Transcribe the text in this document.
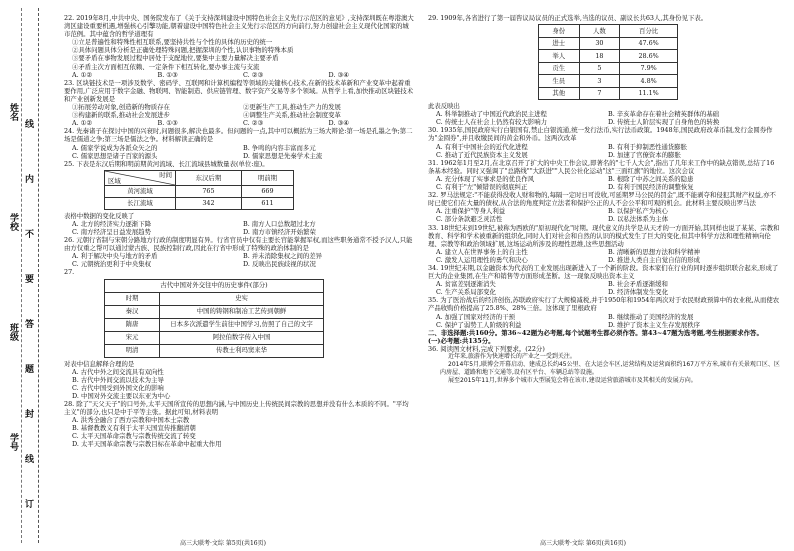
姓名
学校
班级
学号
线
内
不
要
答
题
封
线
订

22. 2019年8月,中共中央、国务院发布了《关于支持深圳建设中国特色社会主义先行示范区的意见》,支持深圳既在粤港澳大湾区建设重要机遇,增强核心引擎功能,朝着建设中国特色社会主义先行示范区的方向前行,努力创建社会主义现代化国家的城市范例。其中蕴含的哲学道理有

①立足普遍性和特殊性相互联系,要坚持共性与个性的具体的历史的统一
②具体问题具体分析是正确处理特殊问题,把握深圳的个性,认识事物的特殊本质
③要矛盾在事物发展过程中居处于支配地位,要集中主要力量解决主要矛盾
④矛盾主次方面相互依赖、一定条件下相互转化,要办事主流与支流
A. ①②	B. ①③	C. ②③	D. ③④

23. 区块链技术是一项涉及数学、密码学、互联网和计算机编程等领域的关键核心技术,在新的技术革新和产业变革中起着重要作用,广泛应用于数字金融、物联网、智能制造、供应链管理、数字资产交易等多个领域。从哲学上看,加快推动区块链技术和产业创新发展是

①拓展劳动对象,创造新的物质存在	②更新生产工具,推动生产力的发展
③构建新的联系,推动社会发展进步	④调整生产关系,推动社会制度变革
A. ①②	B. ①③	C. ②③	D. ③④

24. 先秦诸子在探讨中国的兴衰时,问题很多,解决也最多。但问题的一点,其中可以概括为三场大辩论:第一场是孔墨之争;第二场是儒道之争;第三场是儒法之争。材料解读正确的是

A. 儒家学说成为各派众矢之的	B. 争鸣的内容丰富而多元
C. 儒家思想是诸子百家的源头	D. 儒家思想是先秦学术主流

25. 下表是东汉后期和明前期黄河流域、长江流域县城数量表(单位:座)。

时间
区域	东汉后期	明前期
黄河流域	765	669
长江流域	342	611

表格中数据的变化反映了

A. 北方的经济实力逐渐下降	B. 南方人口总数超过北方
C. 南方经济呈日益发展趋势	D. 南方市镇经济开始繁荣

26. 元朝行省制与宋朝分路地方行政的制度明显有异。行省官员中仅有主要长官能掌握军权,而这些职务通常不授予汉人,只能由方仅重之帮可以通过蒙古族、民族控制行政,因此在行省中形成了特殊的政治体制的是

A. 利于解决中央与地方的矛盾	B. 并未消除集权之间的差异
C. 元朝统治更利于中央集权	D. 反映出民族歧视的状况

27.

古代中国对外交往中的历史事件(部分)	
时期	史实
秦汉	中国的铸钢和制冶工艺传到朝鲜
隋唐	日本多次派遣学生前往中国学习,仿照了自己的文字
宋元	阿拉伯数字传入中国
明清	传教士利玛窦来华

对表中信息解释合理的是

A. 古代中外之间交流具有双向性
B. 古代中外间交流以技术为主导
C. 古代中国受到外国文化的影响
D. 中国对外交流主要以东亚为中心

28. 除了"天父天子"的口号外,太平天国所宣传的思想内涵,与中国历史上传统民间宗教的思想并没有什么本质的不同。"平均主义"的部分,也只是中于平等主张。据此可知,材料表明

A. 洪秀全融合了西方宗教和中国本土宗教
B. 基督教教义有利于太平天国宣传推翻清朝
C. 太平天国革命宗教与宗教传统交流了转变
D. 太平天国革命宗教与宗教目标在革命中起重大作用
高三大联考·文综 第5页(共16页)

29. 1909年,各省进行了第一届咨议局议员的正式选举,当选的议员、副议长共63人,其身份见下表。

身份	人数	百分比
进士	30	47.6%
举人	18	28.6%
贡生	5	7.9%
生员	3	4.8%
其他	7	11.1%

此表反映出

A. 科举制推动了中国近代政治民主进程	B. 辛亥革命存在着社会精英群体的基础
C. 传统士人在社会上仍然有较大影响力	D. 传统士人阶层实现了自身角色的转换

30. 1935年,国民政府实行白银国有,禁止白银流通,统一发行法币,实行法币政策。1948年,国民政府改革币制,发行金圆券作为"金圆券",并且收缴民间的黄金和外币。这两次改革

A. 有利于中国社会的近代化进程	B. 有利于抑制恶性通货膨胀
C. 推动了近代民族资本主义发展	D. 加速了官僚资本的膨胀

31. 1962年1月至2月,在北京召开了扩大的中央工作会议,即著名的"七千人大会",指出了几年来工作中的缺点错误,总结了16条基本经验。同时又强调了"总路线""大跃进""人民公社化运动"这"三面红旗"的地位。这次会议

A. 充分体现了实事求是的优良作风	B. 根除了中苏之间关系的隐患
C. 有利于"左"倾错误的彻底纠正	D. 有利于国民经济的调整恢复

32. 罗马法规定:"不能获得没收人财和物的,每隔一定时日可没收,可延期罗马公民的罚金",既不能剥夺和侵犯其财产权益,亦不时已使它们在大量的债权,从合法的角度判定立法者和保护公正的人不会公平和可观的机会。此材料主要反映出罗马法

A. 注重保护"等身人利益	B. 以保护私产为核心
C. 部分条款避乏灵活性	D. 以私法体系为主体

33. 18世纪末到19世纪,被称为西欧的"原初现代化"时期。现代意义的共学是从天才的一方面开始,其同样也说了某某、宗教和教育、科学和学术被重新的组织化,同时人们对社会和自然的认识的模式发生了巨大的变化,但其中科学方法和理性精神向伦理、宗教等和政治领域扩展,这场运动所涉及的理性思维,这些思想活动

A. 建立人在世界事务上的自主性	B. 清晰新的思想方法和科学精神
C. 激发人运用理性的勇气和决心	D. 推进人类自主自觉自信的形成

34. 19世纪末期,以金融资本为代表的工业发展出现新进入了一个新的阶段。资本家们在行业的同时逐步组织联合起来,形成了巨大的企业集团,在生产和销售等方面形成垄断。这一现象反映出资本主义

A. 贫富差别逐渐消失	B. 社会矛盾逐渐缓和
C. 生产关系局部变化	D. 经济体制发生变化

35. 为了医治战后的经济创伤,苏联政府实行了大规模减税,并于1950年和1954年两次对于农民财政预算中的农业税,从而使农产品收购价格提高了25.8%、28%三倍。这体现了里根政府

A. 加强了国家对经济的干预	B. 继续推动了美国经济的发展
C. 保护了弱势工人阶级的利益	D. 维护了资本主义生存发展秩序

二、非选择题:共160分。第36~42题为必考题,每个试题考生都必须作答。第43~47题为选考题,考生根据要求作答。

(一)必考题:共135分。

36. 阅读图文材料,完成下列要求。(22分)

近年来,旅游作为快速增长的产业之一受到关注。
2014年5月,联博会开幕启动、建成总长约45公里、在大运会车区,运营结构及运营面积约167万平方米,城市有关景观口区、区内房屋、道路和地下交通等,设有区平台、车辆总站等设施。
展至2015年11月,世界多个城市大型展览会将在该市,建设运营旅游城市及其相关的发展方向。
高三大联考·文综 第6页(共16页)
